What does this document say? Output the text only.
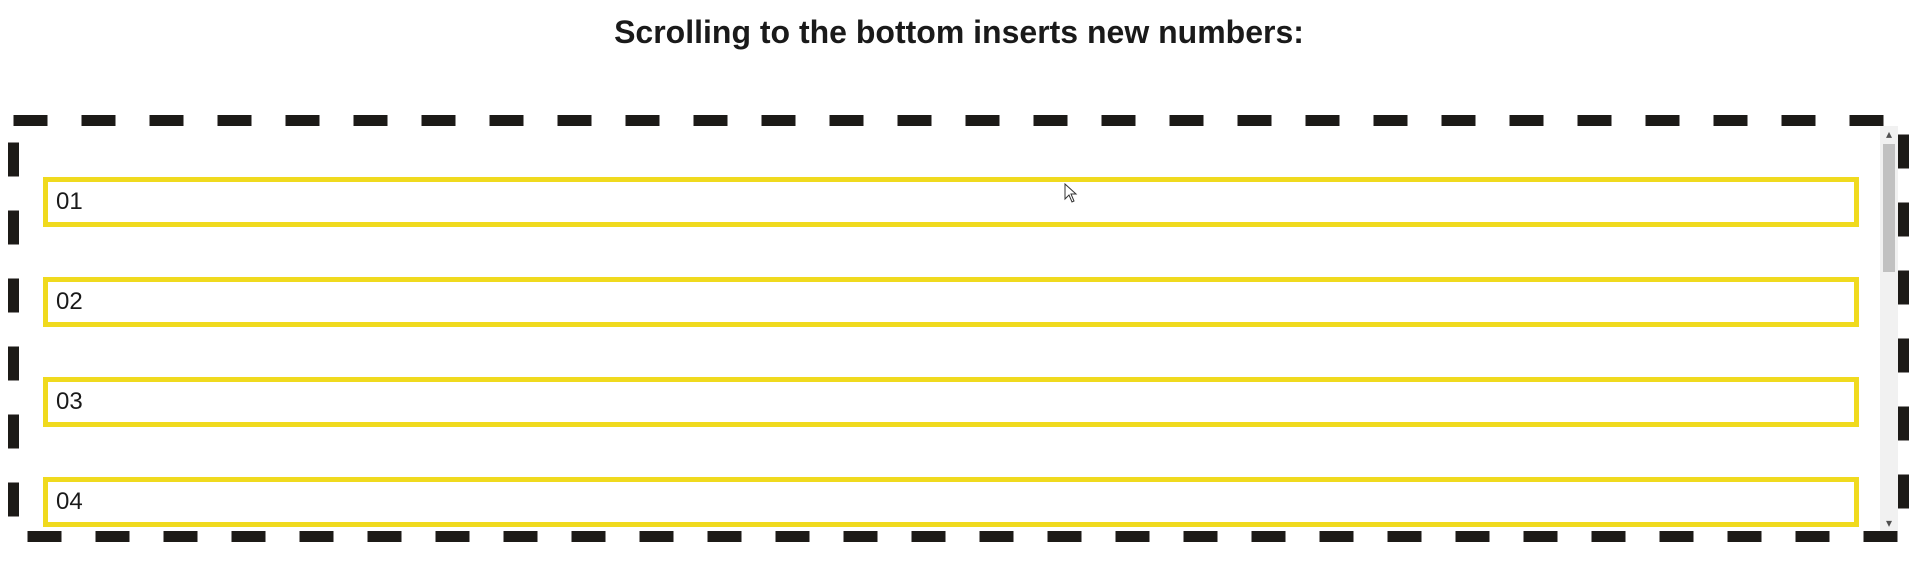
Scrolling to the bottom inserts new numbers:
01
02
03
04
▴
▾
